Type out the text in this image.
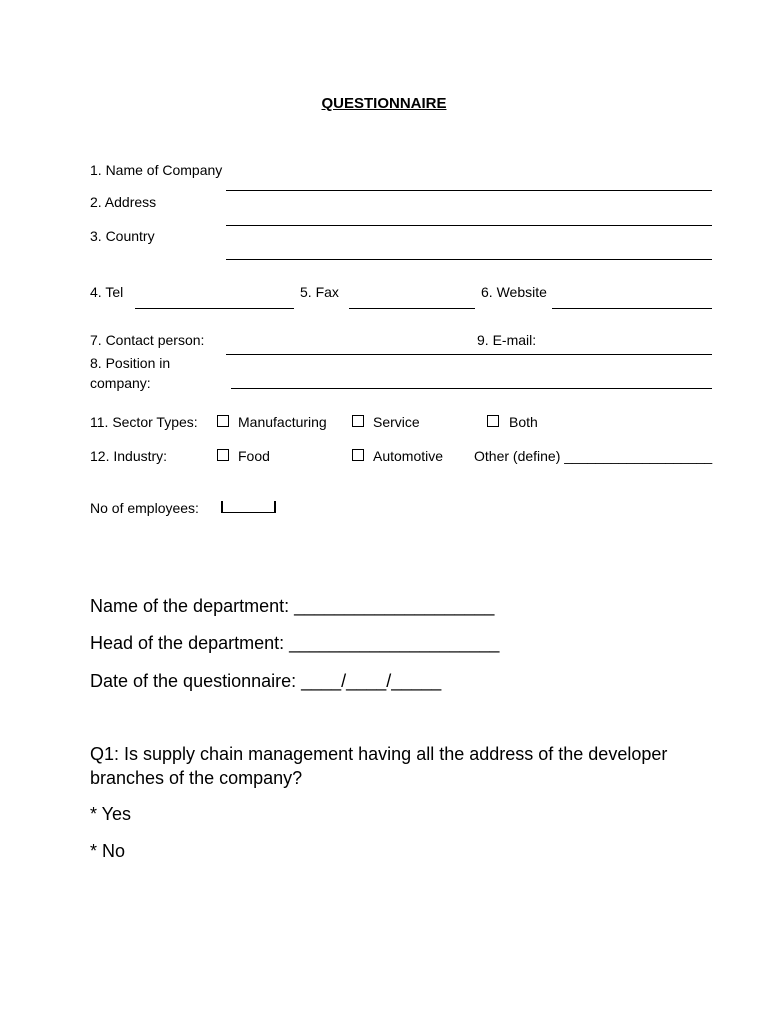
QUESTIONNAIRE
1. Name of Company
2. Address
3. Country
4. Tel	5. Fax	6. Website
7. Contact person:	9. E-mail:
8. Position in
company:
11. Sector Types:	Manufacturing	Service	Both
12. Industry:	Food	Automotive Other (define) ___________________
No of employees:
Name of the department: ____________________
Head of the department: _____________________
Date of the questionnaire: ____/____/_____
Q1: Is supply chain management having all the address of the developer
branches of the company?
* Yes
* No
